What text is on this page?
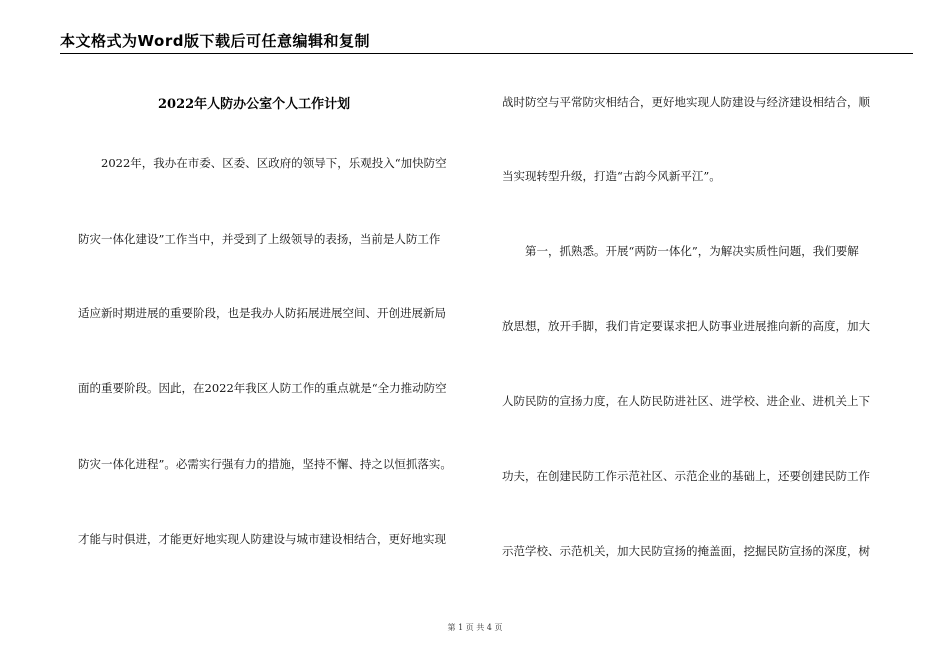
本文格式为Word版下载后可任意编辑和复制
2022年人防办公室个人工作计划
2022年，我办在市委、区委、区政府的领导下，乐观投入“加快防空
防灾一体化建设”工作当中，并受到了上级领导的表扬，当前是人防工作
适应新时期进展的重要阶段，也是我办人防拓展进展空间、开创进展新局
面的重要阶段。因此，在2022年我区人防工作的重点就是“全力推动防空
防灾一体化进程”。必需实行强有力的措施，坚持不懈、持之以恒抓落实。
才能与时俱进，才能更好地实现人防建设与城市建设相结合，更好地实现
战时防空与平常防灾相结合，更好地实现人防建设与经济建设相结合，顺
当实现转型升级，打造“古韵今风新平江”。
第一，抓熟悉。开展“两防一体化”，为解决实质性问题，我们要解
放思想，放开手脚，我们肯定要谋求把人防事业进展推向新的高度，加大
人防民防的宣扬力度，在人防民防进社区、进学校、进企业、进机关上下
功夫，在创建民防工作示范社区、示范企业的基础上，还要创建民防工作
示范学校、示范机关，加大民防宣扬的掩盖面，挖掘民防宣扬的深度，树
第 1 页 共 4 页
